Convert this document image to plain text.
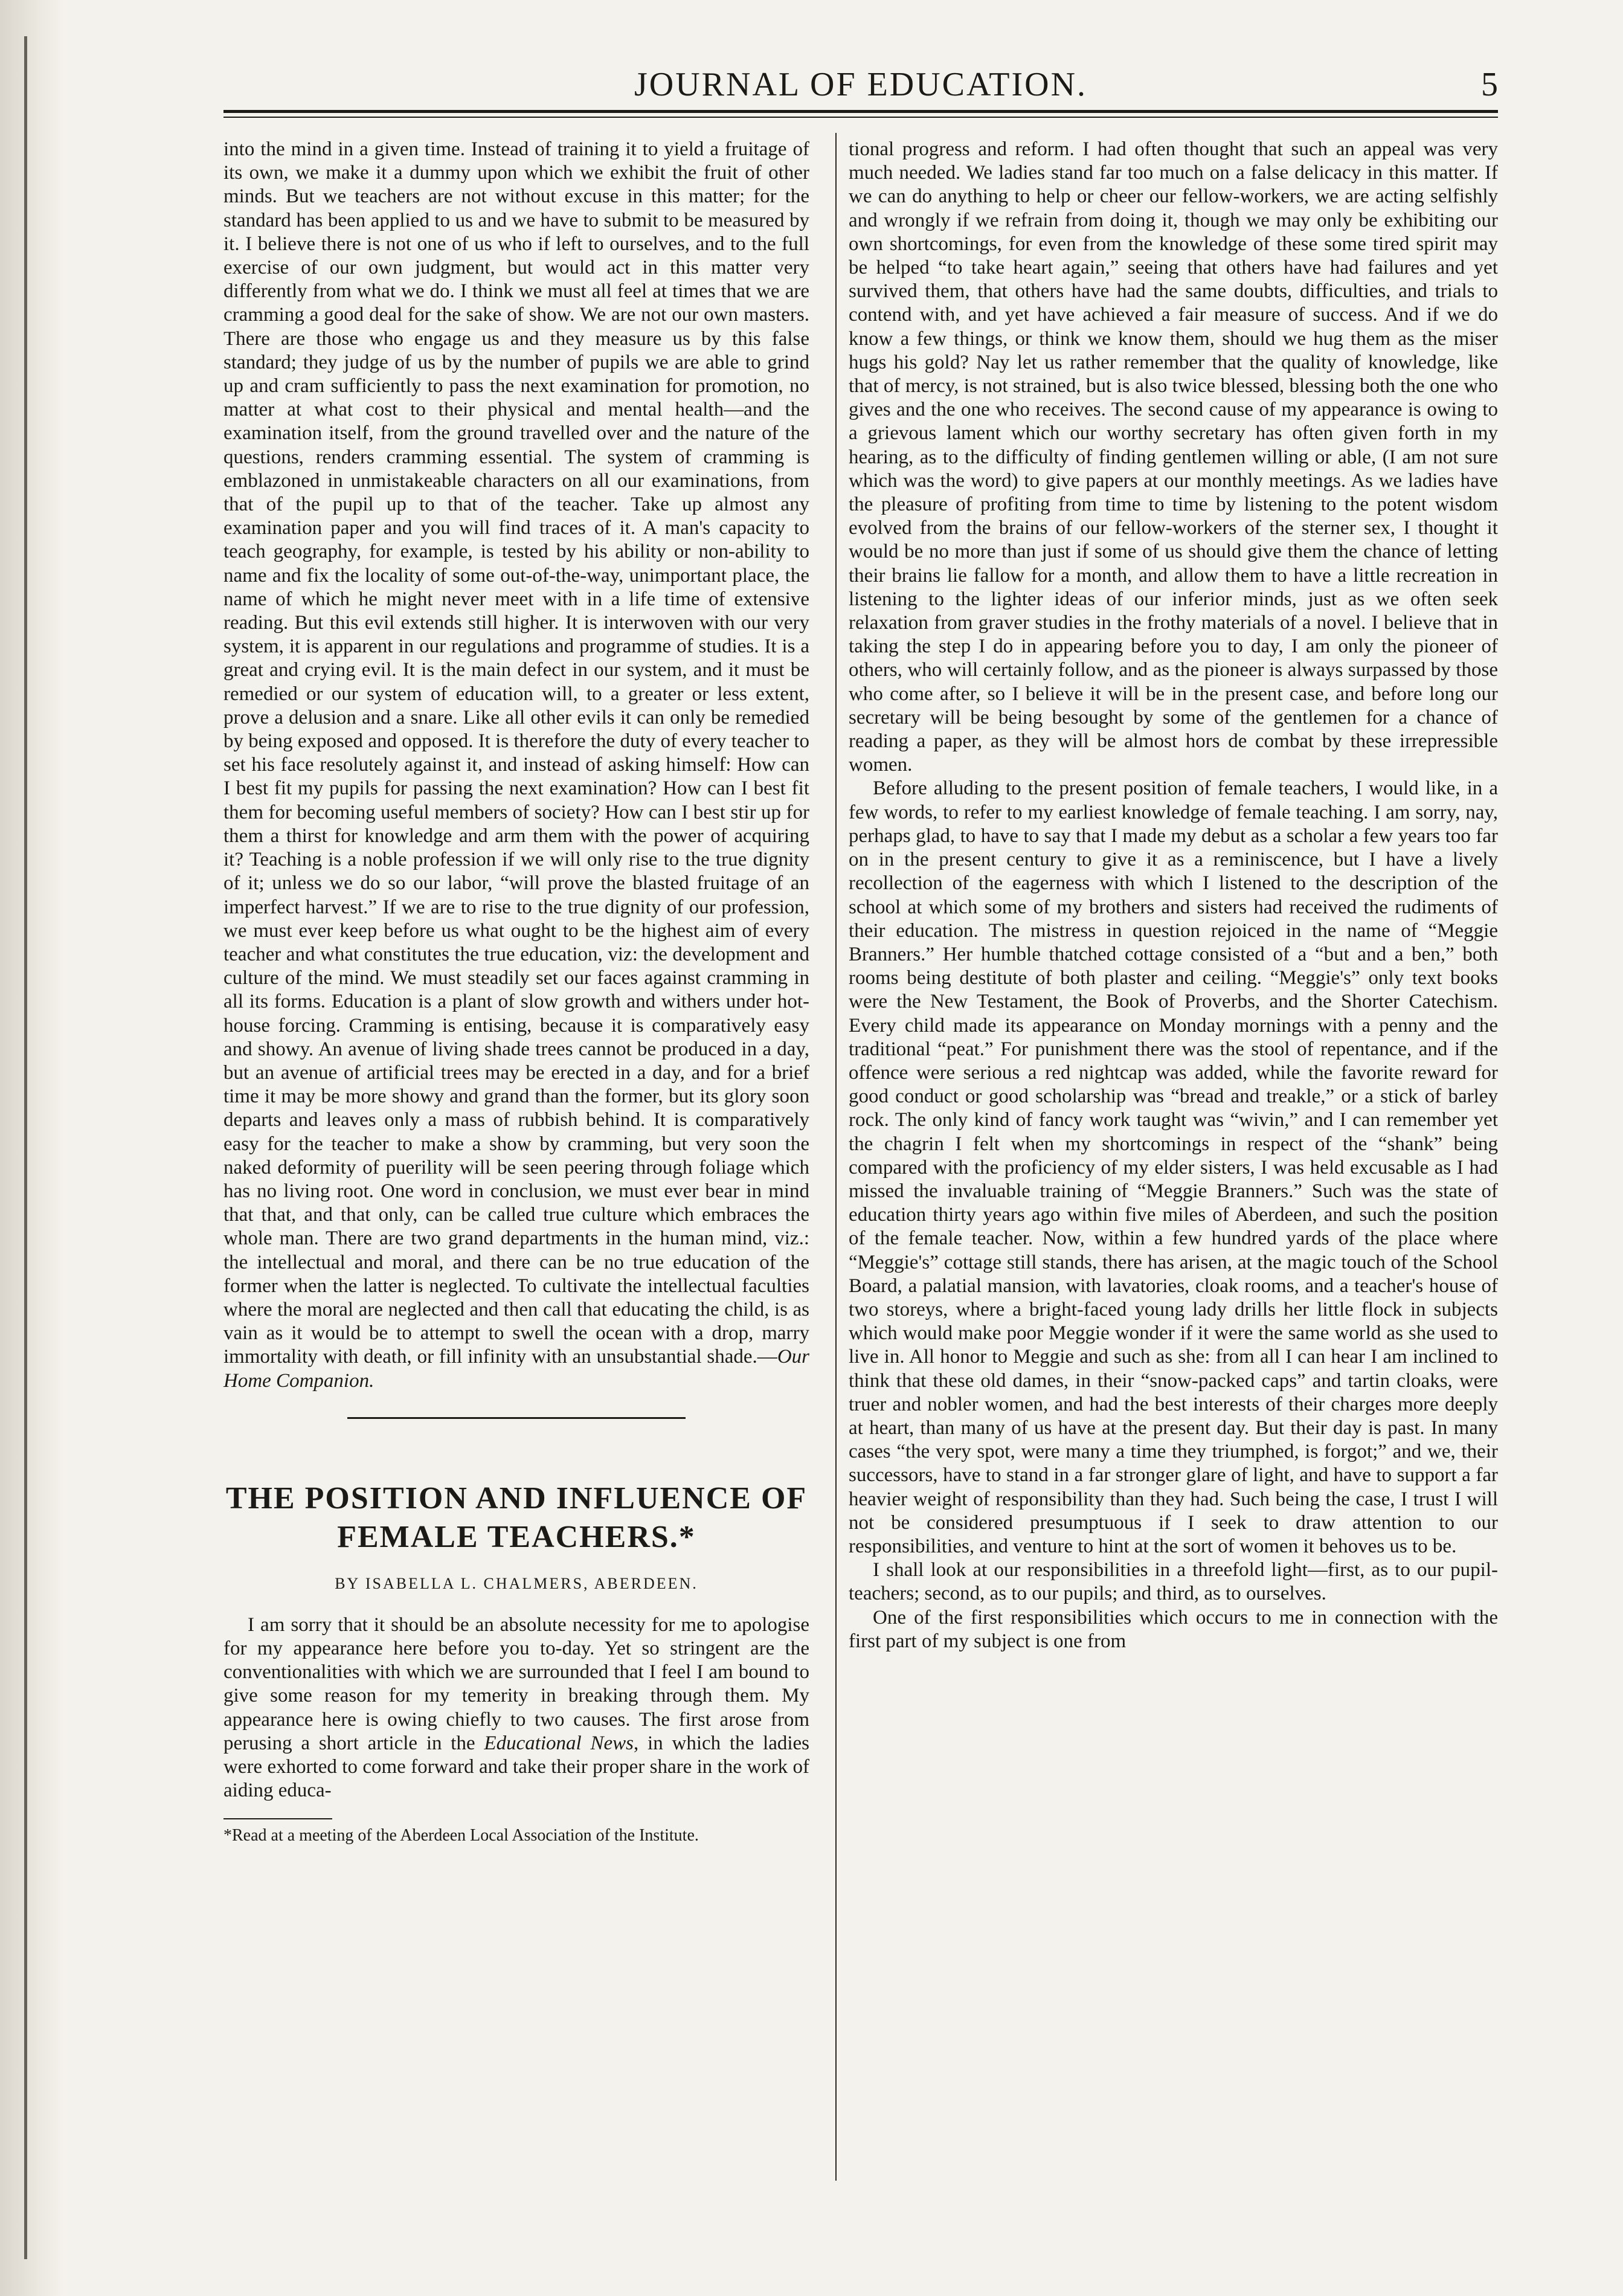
JOURNAL OF EDUCATION.	5

into the mind in a given time. Instead of training it to yield a fruitage of its own, we make it a dummy upon which we exhibit the fruit of other minds. But we teachers are not without excuse in this matter; for the standard has been applied to us and we have to submit to be measured by it. I believe there is not one of us who if left to ourselves, and to the full exercise of our own judgment, but would act in this matter very differently from what we do. I think we must all feel at times that we are cramming a good deal for the sake of show. We are not our own masters. There are those who engage us and they measure us by this false standard; they judge of us by the number of pupils we are able to grind up and cram sufficiently to pass the next examination for promotion, no matter at what cost to their physical and mental health—and the examination itself, from the ground travelled over and the nature of the questions, renders cramming essential. The system of cramming is emblazoned in unmistakeable characters on all our examinations, from that of the pupil up to that of the teacher. Take up almost any examination paper and you will find traces of it. A man's capacity to teach geography, for example, is tested by his ability or non-ability to name and fix the locality of some out-of-the-way, unimportant place, the name of which he might never meet with in a life time of extensive reading. But this evil extends still higher. It is interwoven with our very system, it is apparent in our regulations and programme of studies. It is a great and crying evil. It is the main defect in our system, and it must be remedied or our system of education will, to a greater or less extent, prove a delusion and a snare. Like all other evils it can only be remedied by being exposed and opposed. It is therefore the duty of every teacher to set his face resolutely against it, and instead of asking himself: How can I best fit my pupils for passing the next examination? How can I best fit them for becoming useful members of society? How can I best stir up for them a thirst for knowledge and arm them with the power of acquiring it? Teaching is a noble profession if we will only rise to the true dignity of it; unless we do so our labor, “will prove the blasted fruitage of an imperfect harvest.” If we are to rise to the true dignity of our profession, we must ever keep before us what ought to be the highest aim of every teacher and what constitutes the true education, viz: the development and culture of the mind. We must steadily set our faces against cramming in all its forms. Education is a plant of slow growth and withers under hot-house forcing. Cramming is entising, because it is comparatively easy and showy. An avenue of living shade trees cannot be produced in a day, but an avenue of artificial trees may be erected in a day, and for a brief time it may be more showy and grand than the former, but its glory soon departs and leaves only a mass of rubbish behind. It is comparatively easy for the teacher to make a show by cramming, but very soon the naked deformity of puerility will be seen peering through foliage which has no living root. One word in conclusion, we must ever bear in mind that that, and that only, can be called true culture which embraces the whole man. There are two grand departments in the human mind, viz.: the intellectual and moral, and there can be no true education of the former when the latter is neglected. To cultivate the intellectual faculties where the moral are neglected and then call that educating the child, is as vain as it would be to attempt to swell the ocean with a drop, marry immortality with death, or fill infinity with an unsubstantial shade.—Our Home Companion.

THE POSITION AND INFLUENCE OF FEMALE TEACHERS.*
BY ISABELLA L. CHALMERS, ABERDEEN.

I am sorry that it should be an absolute necessity for me to apologise for my appearance here before you to-day. Yet so stringent are the conventionalities with which we are surrounded that I feel I am bound to give some reason for my temerity in breaking through them. My appearance here is owing chiefly to two causes. The first arose from perusing a short article in the Educational News, in which the ladies were exhorted to come forward and take their proper share in the work of aiding educa-

*Read at a meeting of the Aberdeen Local Association of the Institute.

tional progress and reform. I had often thought that such an appeal was very much needed. We ladies stand far too much on a false delicacy in this matter. If we can do anything to help or cheer our fellow-workers, we are acting selfishly and wrongly if we refrain from doing it, though we may only be exhibiting our own shortcomings, for even from the knowledge of these some tired spirit may be helped “to take heart again,” seeing that others have had failures and yet survived them, that others have had the same doubts, difficulties, and trials to contend with, and yet have achieved a fair measure of success. And if we do know a few things, or think we know them, should we hug them as the miser hugs his gold? Nay let us rather remember that the quality of knowledge, like that of mercy, is not strained, but is also twice blessed, blessing both the one who gives and the one who receives. The second cause of my appearance is owing to a grievous lament which our worthy secretary has often given forth in my hearing, as to the difficulty of finding gentlemen willing or able, (I am not sure which was the word) to give papers at our monthly meetings. As we ladies have the pleasure of profiting from time to time by listening to the potent wisdom evolved from the brains of our fellow-workers of the sterner sex, I thought it would be no more than just if some of us should give them the chance of letting their brains lie fallow for a month, and allow them to have a little recreation in listening to the lighter ideas of our inferior minds, just as we often seek relaxation from graver studies in the frothy materials of a novel. I believe that in taking the step I do in appearing before you to day, I am only the pioneer of others, who will certainly follow, and as the pioneer is always surpassed by those who come after, so I believe it will be in the present case, and before long our secretary will be being besought by some of the gentlemen for a chance of reading a paper, as they will be almost hors de combat by these irrepressible women.

Before alluding to the present position of female teachers, I would like, in a few words, to refer to my earliest knowledge of female teaching. I am sorry, nay, perhaps glad, to have to say that I made my debut as a scholar a few years too far on in the present century to give it as a reminiscence, but I have a lively recollection of the eagerness with which I listened to the description of the school at which some of my brothers and sisters had received the rudiments of their education. The mistress in question rejoiced in the name of “Meggie Branners.” Her humble thatched cottage consisted of a “but and a ben,” both rooms being destitute of both plaster and ceiling. “Meggie's” only text books were the New Testament, the Book of Proverbs, and the Shorter Catechism. Every child made its appearance on Monday mornings with a penny and the traditional “peat.” For punishment there was the stool of repentance, and if the offence were serious a red nightcap was added, while the favorite reward for good conduct or good scholarship was “bread and treakle,” or a stick of barley rock. The only kind of fancy work taught was “wivin,” and I can remember yet the chagrin I felt when my shortcomings in respect of the “shank” being compared with the proficiency of my elder sisters, I was held excusable as I had missed the invaluable training of “Meggie Branners.” Such was the state of education thirty years ago within five miles of Aberdeen, and such the position of the female teacher. Now, within a few hundred yards of the place where “Meggie's” cottage still stands, there has arisen, at the magic touch of the School Board, a palatial mansion, with lavatories, cloak rooms, and a teacher's house of two storeys, where a bright-faced young lady drills her little flock in subjects which would make poor Meggie wonder if it were the same world as she used to live in. All honor to Meggie and such as she: from all I can hear I am inclined to think that these old dames, in their “snow-packed caps” and tartin cloaks, were truer and nobler women, and had the best interests of their charges more deeply at heart, than many of us have at the present day. But their day is past. In many cases “the very spot, were many a time they triumphed, is forgot;” and we, their successors, have to stand in a far stronger glare of light, and have to support a far heavier weight of responsibility than they had. Such being the case, I trust I will not be considered presumptuous if I seek to draw attention to our responsibilities, and venture to hint at the sort of women it behoves us to be.

I shall look at our responsibilities in a threefold light—first, as to our pupil-teachers; second, as to our pupils; and third, as to ourselves.

One of the first responsibilities which occurs to me in connection with the first part of my subject is one from
